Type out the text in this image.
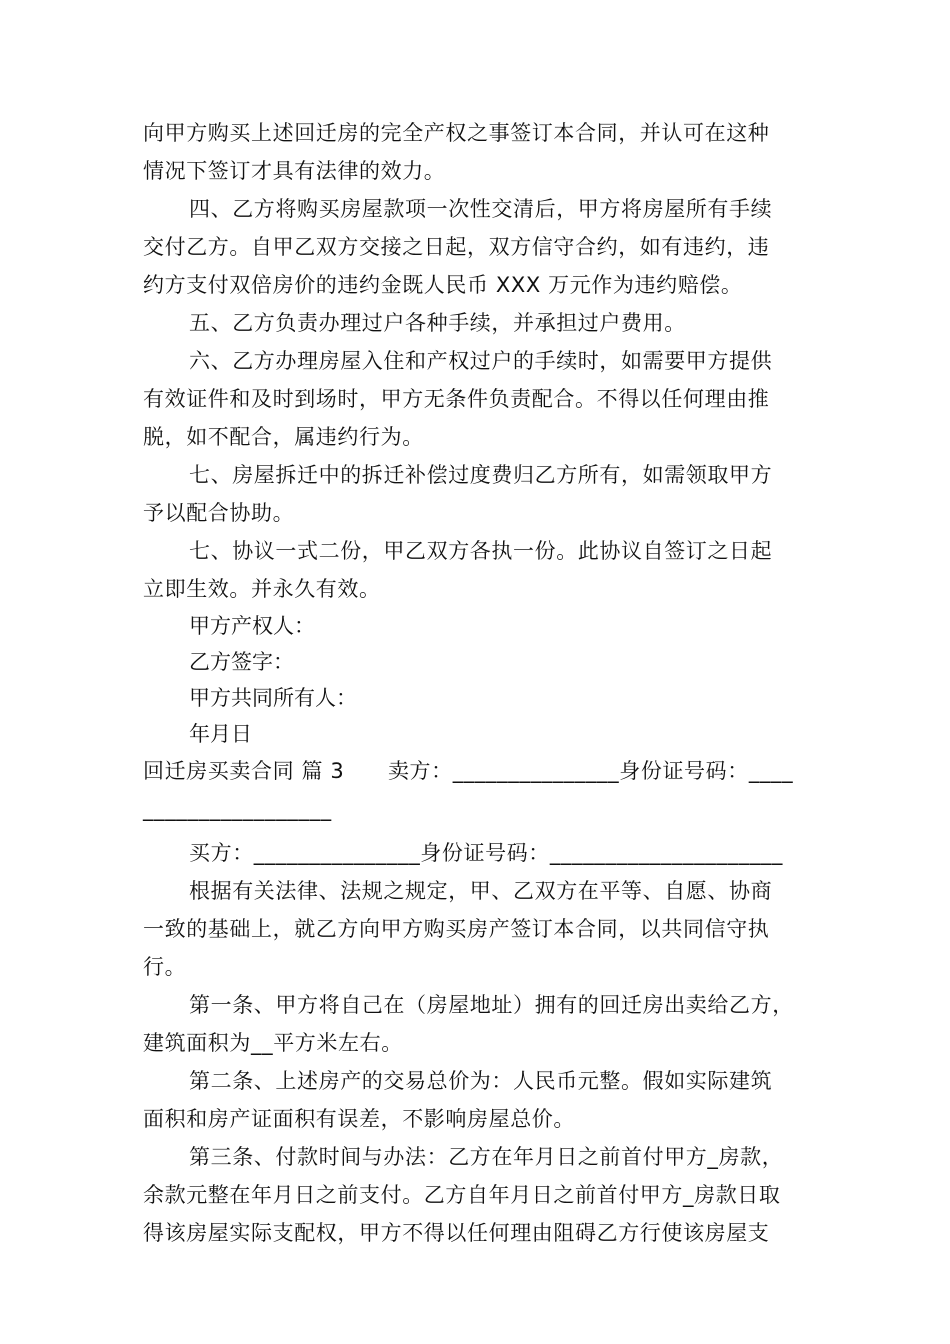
向甲方购买上述回迁房的完全产权之事签订本合同，并认可在这种
情况下签订才具有法律的效力。
四、乙方将购买房屋款项一次性交清后，甲方将房屋所有手续
交付乙方。自甲乙双方交接之日起，双方信守合约，如有违约，违
约方支付双倍房价的违约金既人民币 XXX 万元作为违约赔偿。
五、乙方负责办理过户各种手续，并承担过户费用。
六、乙方办理房屋入住和产权过户的手续时，如需要甲方提供
有效证件和及时到场时，甲方无条件负责配合。不得以任何理由推
脱，如不配合，属违约行为。
七、房屋拆迁中的拆迁补偿过度费归乙方所有，如需领取甲方
予以配合协助。
七、协议一式二份，甲乙双方各执一份。此协议自签订之日起
立即生效。并永久有效。
甲方产权人：
乙方签字：
甲方共同所有人：
年月日
回迁房买卖合同 篇 3      卖方：_______________身份证号码：____
_________________
买方：_______________身份证号码：_____________________
根据有关法律、法规之规定，甲、乙双方在平等、自愿、协商
一致的基础上，就乙方向甲方购买房产签订本合同，以共同信守执
行。
第一条、甲方将自己在（房屋地址）拥有的回迁房出卖给乙方，
建筑面积为__平方米左右。
第二条、上述房产的交易总价为：人民币元整。假如实际建筑
面积和房产证面积有误差，不影响房屋总价。
第三条、付款时间与办法：乙方在年月日之前首付甲方_房款，
余款元整在年月日之前支付。乙方自年月日之前首付甲方_房款日取
得该房屋实际支配权，甲方不得以任何理由阻碍乙方行使该房屋支
